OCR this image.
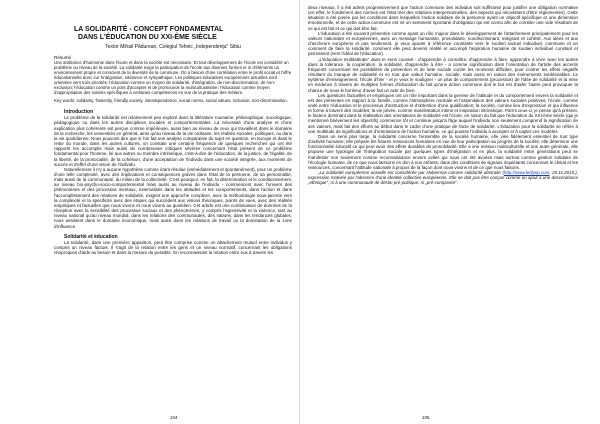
LA SOLIDARITÉ - CONCEPT FONDAMENTAL
DANS L'ÉDUCATION DU XXI-ÈME SIÈCLE
Textor Mihail Pădurean, Colegiul Tehnic „Independența" Sibiu
Résumé

Une ambiance d'harmonie dans l'école et dans la société est nécessaire. Et tout développement de l'école est considéré un problème ou niveau de la société. La solidarité exige la participation de l'école aux diverses formes et in d'éléments un environnement propre et conscient de la diversité de la commune. On a besoin d'une corrélation entre le profil social et l'offre éducationnelle donc sur l'intégration, tolérance et sympathique. Les politiques éducatives européennes actuelles sont orientées vers trois priorités: l'éducation comme un moyen de solidarité, d'intégration, de non-discrimination, de non-exclusion; l'éducation comme un pont d'accepter et de promouvoir la multiculturalisme; l'éducation comme moyen d'appropriation des notions spécifiques à certaines compétences en vue de la pratique des métiers.

Key words: solidarity, fraternity, friendly society, interdependence, social norms, social values, inclusion, non-discrimination.

Introduction

Le problème de la solidarité est relativement peu exploré dans la littérature roumaine, philosophique, sociologique, pédagogique ou dans les autres disciplines sociales et comportementales. La nécessité d'une analyse et d'une explication plus cohérente est perçue comme impérieuse, aussi bien au niveau de ceux qui travaillent dans le domaine de la recherche, les universités en général, ainsi qu'au niveau de la vie ordinaire, les réalités sociales, politiques, ou dans la vie quotidienne. Nous pouvons dire que si l'on fait une analyse comparative du sujet en question, en Europe et dans le reste du monde, dans les autres cultures, on constate une certaine fréquence de quelques recherches qui ont été rapports les accomplis mais aussi de nombreuses critiques sévères concernant l'état présent de ce problème fondamental pour l'homme, lié aux autres ou membre intrinsèque, c'est-à-dire de l'éducation, de la justice, de l'égalité, de la liberté, de la prosocialité, de la cohésion, d'une acceptation de l'individu dans une société intégrée, aux moments de succès et d'effet d'une vision de l'individu.

Naturellement il n'y a aucune hypothèse comme étant résolue (immédiatement et spontanément), pour un problème d'une telle complexité, avec des implications et conséquences graves dans l'état de la personne, de sa personnalité, mais aussi de la communauté, du milieu de la collectivité. C'est pourquoi, en fait, la détermination et le conditionnement, au niveau bio-psycho-socio-comportemental mais aussi au niveau de l'individu - commencent avec l'univers des phénomènes et des processus mentaux, externalisés dans les attitudes et les comportements, dans l'action et dans l'accomplissement des relations de solidarité, exigent une approche complexe, avec la méthodologie sous-jacente vers la complexité et la spécificité avec des étapes qui succèdent aux visions théoriques, points de vues, avec des réalités empiriques et factuelles que nous vivons et nous vivons au quotidien. Cet article est une combinaison de données de la réception avec la sensibilité des processus sociaux et des phénomènes, y compris l'agressivité et la violence, tant au niveau national qu'au niveau mondial, dans les relations des communautés, des nations, dans les tendances globales, nous assistent dans le domaine économique, mais aussi dans les relations de travail ou la domination de la zone d'influence.

Solidarité et éducation

La solidarité, dans une première apparition, peut être comprise comme un attachement mutuel entre individus y compris un niveau factuel. Il s'agit de la relation entre les gens et un niveau normatif, concernant les obligations réciproques d'aide au besoin et dans la mesure du possible. En reconnaissant la relation entre eux à travers les

104

deux niveaux, il a été admis progressivement que l'action commune des individus soit suffisante pour justifier une obligation normative (en effet, le fondement des normes est l'état réel des relations interpersonnelles, des aspects qui nécessitent d'être réglementés). Cette situation a été posée par les conditions dans lesquelles l'action solidaire de la personne ayant un objectif spécifique et une dimension émotionnelle, et de cette action commune est né un sentiment spontané d'obligation qui est connu afin de combler une vide résultant de ce qui est fait et ce qui doit être fait.

L'éducation a été souvent présentée comme ayant un rôle majeur dans le développement de l'attachement principalement pour les valeurs nationales et européennes, avec un message humaniste, prosolidaire, nondiscriminant, intégrant et cohésif. Aux idées et aux chercheurs européens et pas seulement, je veux ajouter à référence constante vers le soutien tactuel individuel, commune et un comment de faire la solidarité, comment elle peut devenir réalité et accompli l'aspiration humaine de soutien individuel constant et permanent (vers l'idéal de l'éducation).

„L'éducation multilatérale" dans le sens courant - d'apprendre à connaître, d'apprendre à faire, apprendre à vivre avec les autres dans la tolérance, la coopération, la solidarité, d'apprendre à être - a comme signification dans l'orientation de l'article des accents fréquents concernant les possibilités de prévention et de lutte sociale contre les moments difficiles, pour contrer les effets négatifs résultant du manque de solidarité et en tout que valeur humaine, sociale, mais aussi en raison des événements inédésirables. Le système d'enseignement, l'école d'hier - et je veux le souligner - un plus de comportement (processus) de l'idée de solidarité et la mise en évidence à travers de multiples formes d'éducation du fait qu'une action commune doit le but est d'aider l'autre peut provoquer la chance de nous le bonheur d'avoir fait un acte de bien.

Les questions factuelles et empiriques ont un rôle important dans la genèse de l'attitude et du comportement envers la solidarité et est des présentes en rapport à la: famille, comme l'atmosphère normale et l'assimilation des valeurs sociales positives; l'école, comme unité entre l'éducation et le processus d'instruction et d'obtention d'une qualification; la société, comme lieu d'expression et qui influence et forme à travers des modèles; la vie privée, comme manifestation intime et inspiration intrinsèque. Parmi ceux-ci, je pense qu'à présent, le facteur dominant dans la réalisation des orientations de solidarité est l'école, en raison du fait que l'éducation du XXI-ème siècle (qui je mentionné brièvement les objectifs) commence tôt et continue jusqu'à l'âge auquel l'individu non seulement comprend la signification de ses valeurs, mais fait des efforts au début dans le cadre d'une pratique de l'acte de solidarité. L'éducation pour la solidarité se réfère à une multitude de significations et d'orientations de l'action humaine, ce qui pousse l'individu à accepter et à capter ces modèles.

Dans un sens plus large, la solidarité concerne l'ensemble de la société humaine, elle vise fidèlement essentiel de tout type d'activité humaine; elle prépare les futures ressources humaines en vue de leur participation au progrès de la société; elle détermine une fonctionnalité éducatif ce qui peut avoir des effets durables de prosolidarité. Elle a une mission multiculturelle et une autre générale, elle propose une typologie de l'intégration sociale par quelques types d'intégration et en plus, la solidarité entre générations peut se manifester non seulement comme reconnaissance envers celles qui nous ont été avoées mais surtout comme gestion solidaire de l'écologie humaine, de ce que nous laissons en don à nos enfants, dans des conditions de signaux inquiétants concernant le climat et les ressources, concernant l'attitude nationale à propos de la façon dont nous vivons et de ce que nous faisons.

„La solidarité européenne actuelle est considérée par Habermas comme solidarité abstraite (http://www.lediyop.com, 25.11.2015.), expression motivée par l'absence d'une identité collective européenne. Elle ne doit pas être conçue comme un ajout à une descendance „ethnique", ni à une communauté de destin pré-politique, ni „pré-composée".

105
